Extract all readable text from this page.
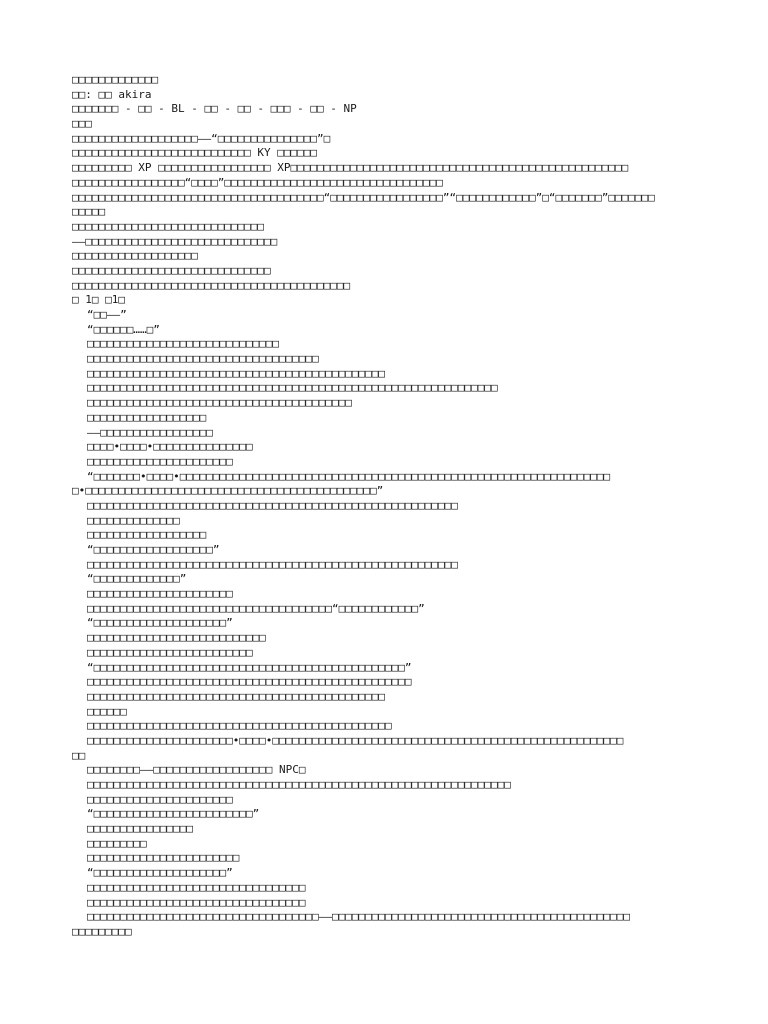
□□□□□□□□□□□□□
□□: □□ akira
□□□□□□□ - □□ - BL - □□ - □□ - □□□ - □□ - NP
□□□
□□□□□□□□□□□□□□□□□□□——“□□□□□□□□□□□□□□□”□
□□□□□□□□□□□□□□□□□□□□□□□□□□□ KY □□□□□□
□□□□□□□□□ XP □□□□□□□□□□□□□□□□□ XP□□□□□□□□□□□□□□□□□□□□□□□□□□□□□□□□□□□□□□□□□□□□□□□□□□□
□□□□□□□□□□□□□□□□□“□□□□”□□□□□□□□□□□□□□□□□□□□□□□□□□□□□□□□□
□□□□□□□□□□□□□□□□□□□□□□□□□□□□□□□□□□□□□□“□□□□□□□□□□□□□□□□□”“□□□□□□□□□□□□”□“□□□□□□□”□□□□□□□
□□□□□
□□□□□□□□□□□□□□□□□□□□□□□□□□□□□
——□□□□□□□□□□□□□□□□□□□□□□□□□□□□□
□□□□□□□□□□□□□□□□□□□
□□□□□□□□□□□□□□□□□□□□□□□□□□□□□□
□□□□□□□□□□□□□□□□□□□□□□□□□□□□□□□□□□□□□□□□□□
□ 1□ □1□
“□□——”
“□□□□□□……□”
□□□□□□□□□□□□□□□□□□□□□□□□□□□□□
□□□□□□□□□□□□□□□□□□□□□□□□□□□□□□□□□□□
□□□□□□□□□□□□□□□□□□□□□□□□□□□□□□□□□□□□□□□□□□□□□
□□□□□□□□□□□□□□□□□□□□□□□□□□□□□□□□□□□□□□□□□□□□□□□□□□□□□□□□□□□□□□
□□□□□□□□□□□□□□□□□□□□□□□□□□□□□□□□□□□□□□□□
□□□□□□□□□□□□□□□□□□
——□□□□□□□□□□□□□□□□□
□□□□•□□□□•□□□□□□□□□□□□□□□
□□□□□□□□□□□□□□□□□□□□□□
“□□□□□□□•□□□□•□□□□□□□□□□□□□□□□□□□□□□□□□□□□□□□□□□□□□□□□□□□□□□□□□□□□□□□□□□□□□□□□□
□•□□□□□□□□□□□□□□□□□□□□□□□□□□□□□□□□□□□□□□□□□□□□”
□□□□□□□□□□□□□□□□□□□□□□□□□□□□□□□□□□□□□□□□□□□□□□□□□□□□□□□□
□□□□□□□□□□□□□□
□□□□□□□□□□□□□□□□□□
“□□□□□□□□□□□□□□□□□□”
□□□□□□□□□□□□□□□□□□□□□□□□□□□□□□□□□□□□□□□□□□□□□□□□□□□□□□□□
“□□□□□□□□□□□□□”
□□□□□□□□□□□□□□□□□□□□□□
□□□□□□□□□□□□□□□□□□□□□□□□□□□□□□□□□□□□□“□□□□□□□□□□□□”
“□□□□□□□□□□□□□□□□□□□□”
□□□□□□□□□□□□□□□□□□□□□□□□□□□
□□□□□□□□□□□□□□□□□□□□□□□□□
“□□□□□□□□□□□□□□□□□□□□□□□□□□□□□□□□□□□□□□□□□□□□□□□”
□□□□□□□□□□□□□□□□□□□□□□□□□□□□□□□□□□□□□□□□□□□□□□□□□
□□□□□□□□□□□□□□□□□□□□□□□□□□□□□□□□□□□□□□□□□□□□□
□□□□□□
□□□□□□□□□□□□□□□□□□□□□□□□□□□□□□□□□□□□□□□□□□□□□□
□□□□□□□□□□□□□□□□□□□□□□•□□□□•□□□□□□□□□□□□□□□□□□□□□□□□□□□□□□□□□□□□□□□□□□□□□□□□□□□□□
□□
□□□□□□□□——□□□□□□□□□□□□□□□□□□ NPC□
□□□□□□□□□□□□□□□□□□□□□□□□□□□□□□□□□□□□□□□□□□□□□□□□□□□□□□□□□□□□□□□□
□□□□□□□□□□□□□□□□□□□□□□
“□□□□□□□□□□□□□□□□□□□□□□□□”
□□□□□□□□□□□□□□□□
□□□□□□□□□
□□□□□□□□□□□□□□□□□□□□□□□
“□□□□□□□□□□□□□□□□□□□□”
□□□□□□□□□□□□□□□□□□□□□□□□□□□□□□□□□
□□□□□□□□□□□□□□□□□□□□□□□□□□□□□□□□□
□□□□□□□□□□□□□□□□□□□□□□□□□□□□□□□□□□□——□□□□□□□□□□□□□□□□□□□□□□□□□□□□□□□□□□□□□□□□□□□□□
□□□□□□□□□
